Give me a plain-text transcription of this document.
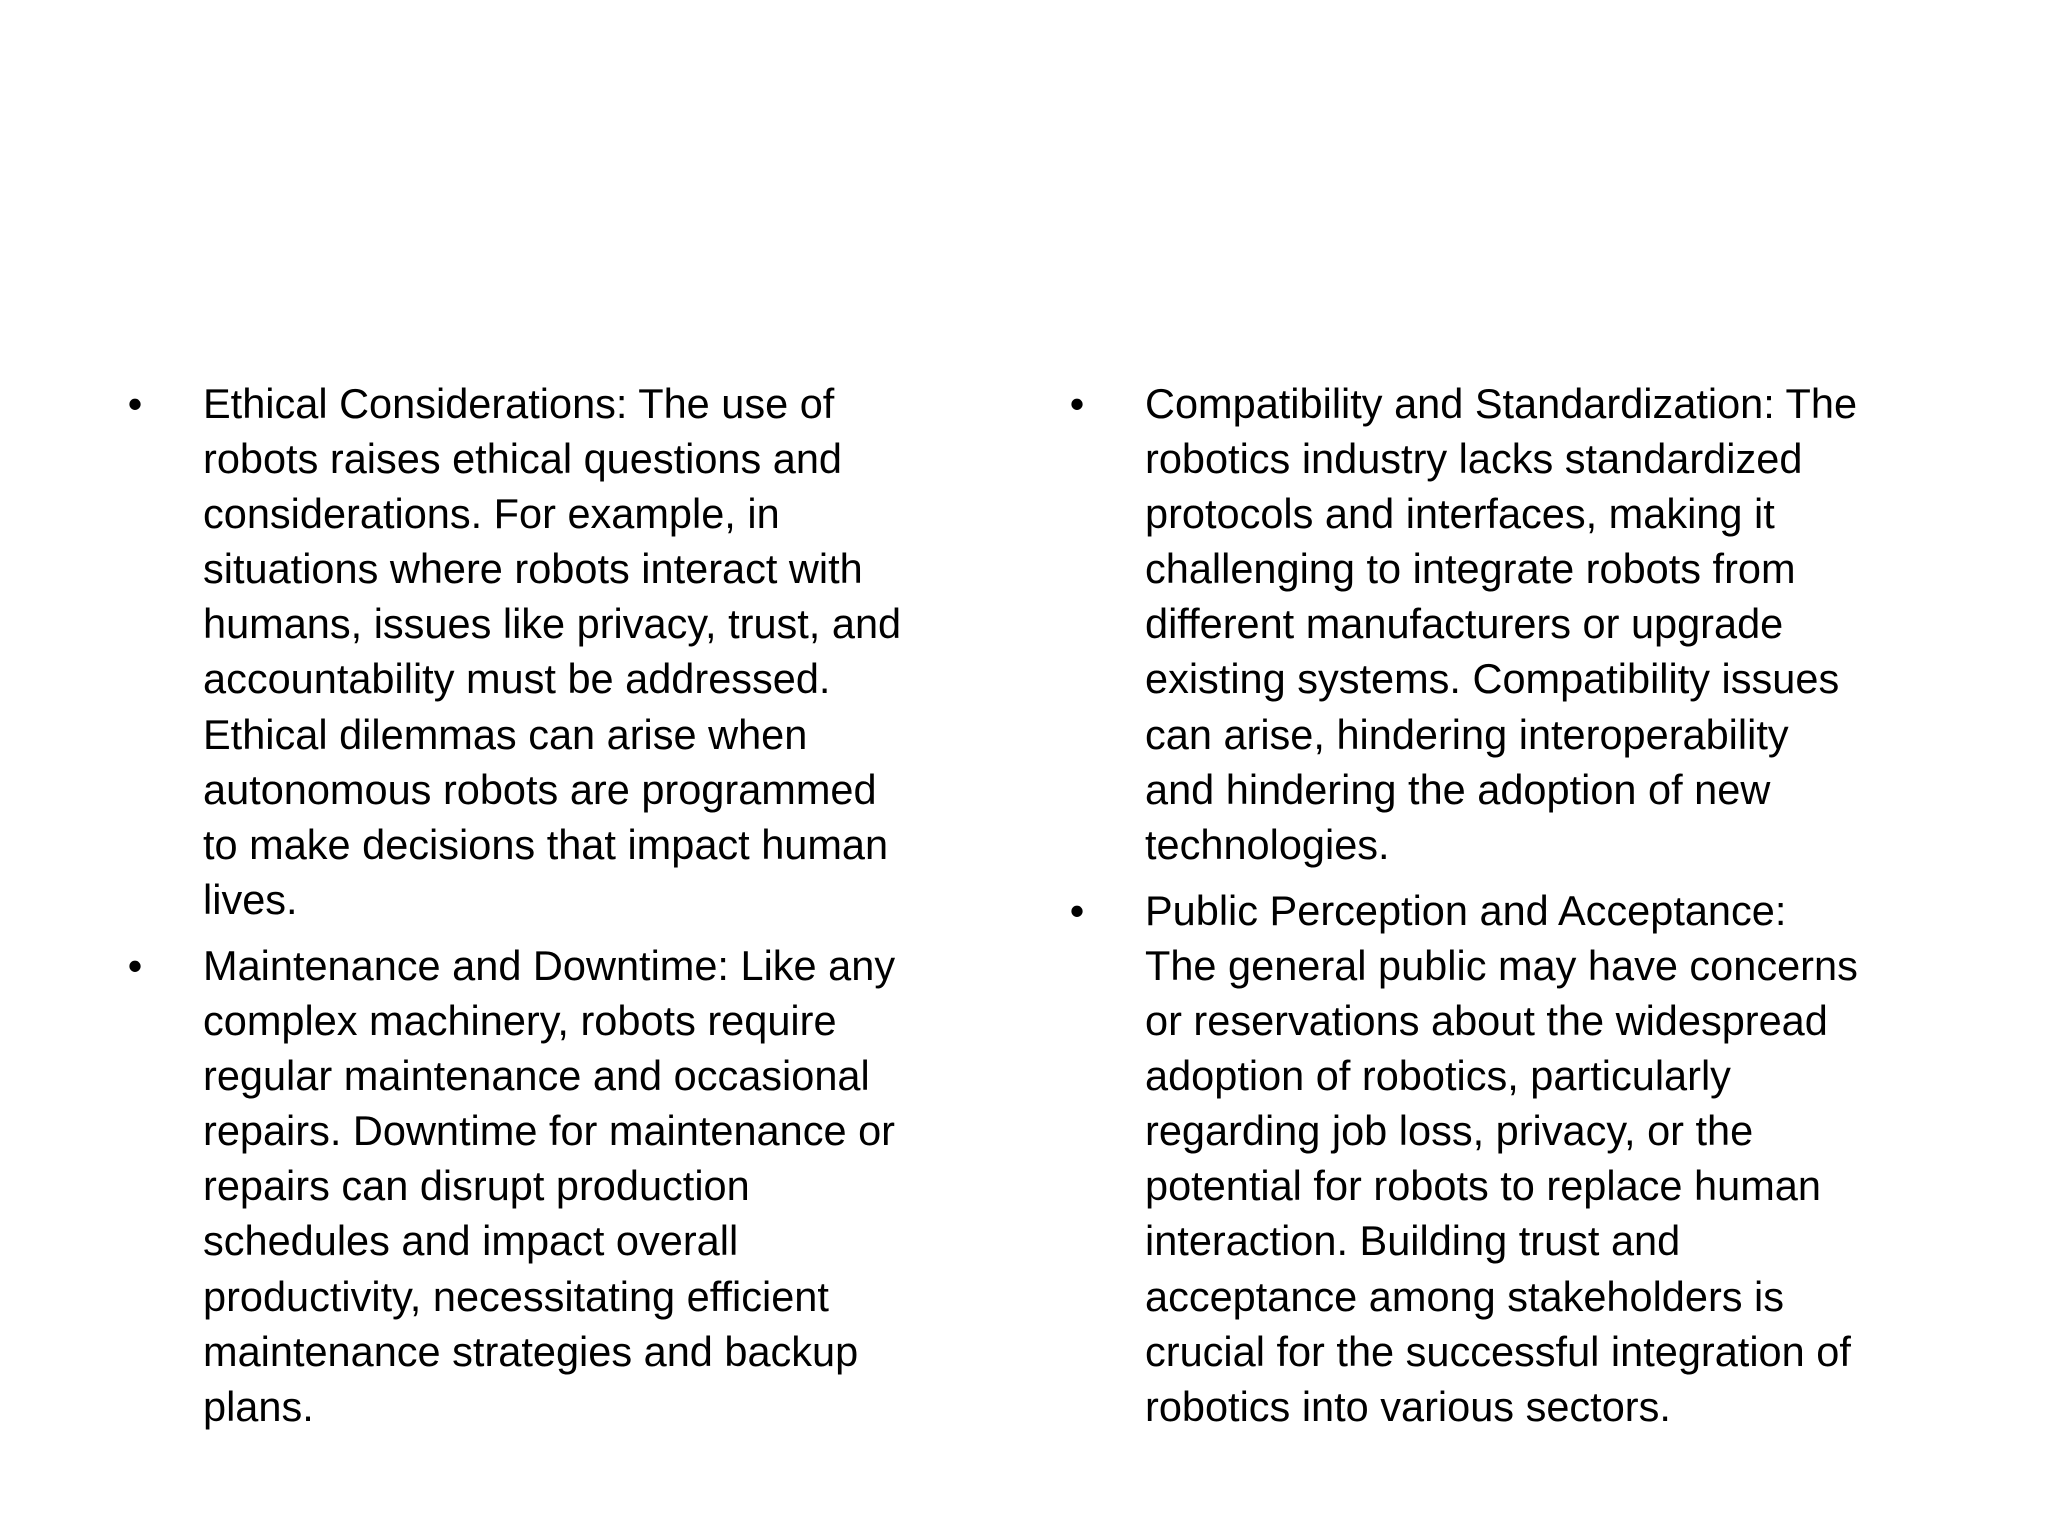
• Ethical Considerations: The use of
robots raises ethical questions and
considerations. For example, in
situations where robots interact with
humans, issues like privacy, trust, and
accountability must be addressed.
Ethical dilemmas can arise when
autonomous robots are programmed
to make decisions that impact human
lives.
• Maintenance and Downtime: Like any
complex machinery, robots require
regular maintenance and occasional
repairs. Downtime for maintenance or
repairs can disrupt production
schedules and impact overall
productivity, necessitating efficient
maintenance strategies and backup
plans.
• Compatibility and Standardization: The
robotics industry lacks standardized
protocols and interfaces, making it
challenging to integrate robots from
different manufacturers or upgrade
existing systems. Compatibility issues
can arise, hindering interoperability
and hindering the adoption of new
technologies.
• Public Perception and Acceptance:
The general public may have concerns
or reservations about the widespread
adoption of robotics, particularly
regarding job loss, privacy, or the
potential for robots to replace human
interaction. Building trust and
acceptance among stakeholders is
crucial for the successful integration of
robotics into various sectors.
